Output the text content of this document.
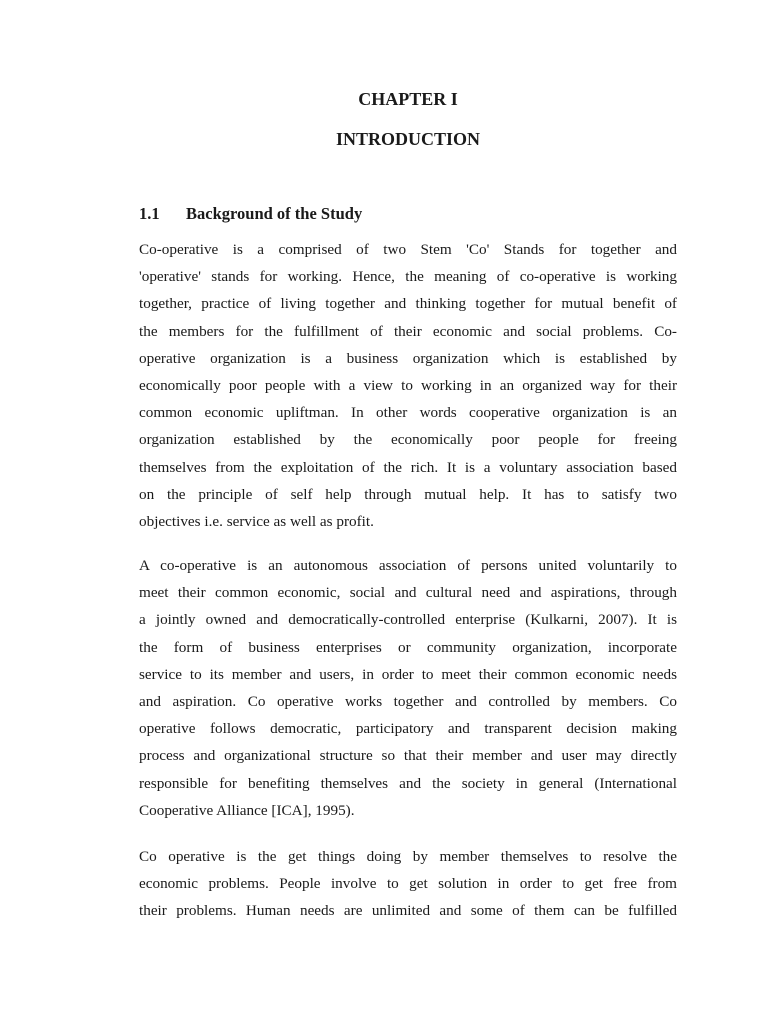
CHAPTER I
INTRODUCTION
1.1 Background of the Study
Co-operative is a comprised of two Stem 'Co' Stands for together and
'operative' stands for working. Hence, the meaning of co-operative is working
together, practice of living together and thinking together for mutual benefit of
the members for the fulfillment of their economic and social problems. Co-
operative organization is a business organization which is established by
economically poor people with a view to working in an organized way for their
common economic upliftman. In other words cooperative organization is an
organization established by the economically poor people for freeing
themselves from the exploitation of the rich. It is a voluntary association based
on the principle of self help through mutual help. It has to satisfy two
objectives i.e. service as well as profit.
A co-operative is an autonomous association of persons united voluntarily to
meet their common economic, social and cultural need and aspirations, through
a jointly owned and democratically-controlled enterprise (Kulkarni, 2007). It is
the form of business enterprises or community organization, incorporate
service to its member and users, in order to meet their common economic needs
and aspiration. Co operative works together and controlled by members. Co
operative follows democratic, participatory and transparent decision making
process and organizational structure so that their member and user may directly
responsible for benefiting themselves and the society in general (International
Cooperative Alliance [ICA], 1995).
Co operative is the get things doing by member themselves to resolve the
economic problems. People involve to get solution in order to get free from
their problems. Human needs are unlimited and some of them can be fulfilled
